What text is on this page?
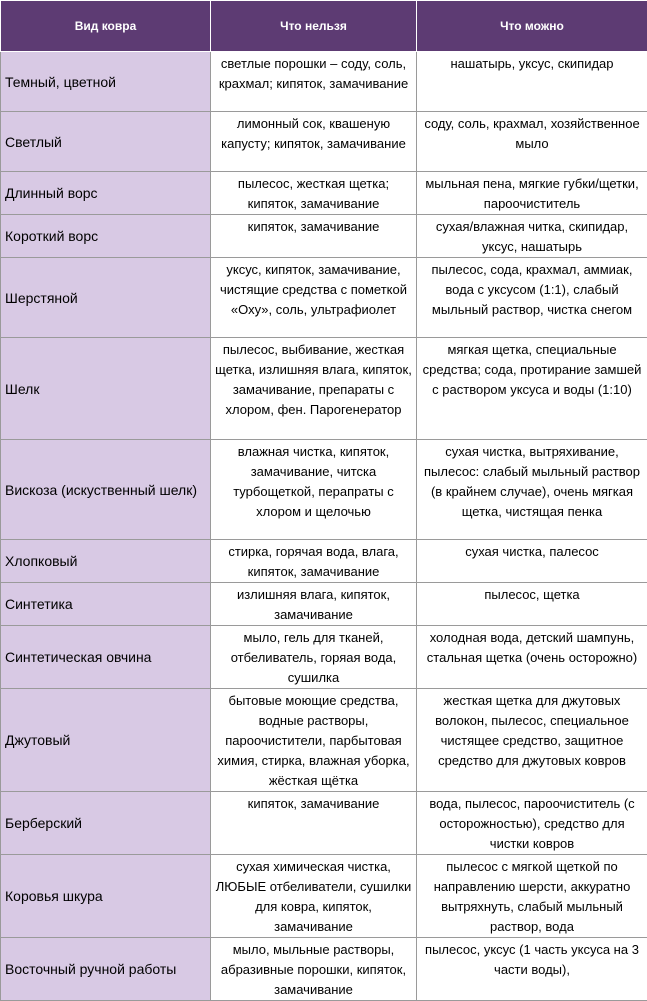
Вид ковра	Что нельзя	Что можно
Темный, цветной	светлые порошки – соду, соль, крахмал; кипяток, замачивание	нашатырь, уксус, скипидар
Светлый	лимонный сок, квашеную капусту; кипяток, замачивание	соду, соль, крахмал, хозяйственное мыло
Длинный ворс	пылесос, жесткая щетка; кипяток, замачивание	мыльная пена, мягкие губки/щетки, пароочиститель
Короткий ворс	кипяток, замачивание	сухая/влажная читка, скипидар, уксус, нашатырь
Шерстяной	уксус, кипяток, замачивание, чистящие средства с пометкой «Оху», соль, ультрафиолет	пылесос, сода, крахмал, аммиак, вода с уксусом (1:1), слабый мыльный раствор, чистка снегом
Шелк	пылесос, выбивание, жесткая щетка, излишняя влага, кипяток, замачивание, препараты с хлором, фен. Парогенератор	мягкая щетка, специальные средства; сода, протирание замшей с раствором уксуса и воды (1:10)
Вискоза (искуственный шелк)	влажная чистка, кипяток, замачивание, читска турбощеткой, перапраты с хлором и щелочью	сухая чистка, вытряхивание, пылесос: слабый мыльный раствор (в крайнем случае), очень мягкая щетка, чистящая пенка
Хлопковый	стирка, горячая вода, влага, кипяток, замачивание	сухая чистка, палесос
Синтетика	излишняя влага, кипяток, замачивание	пылесос, щетка
Синтетическая овчина	мыло, гель для тканей, отбеливатель, горяая вода, сушилка	холодная вода, детский шампунь, стальная щетка (очень осторожно)
Джутовый	бытовые моющие средства, водные растворы, пароочистители, парбытовая химия, стирка, влажная уборка, жёсткая щётка	жесткая щетка для джутовых волокон, пылесос, специальное чистящее средство, защитное средство для джутовых ковров
Берберский	кипяток, замачивание	вода, пылесос, пароочиститель (с осторожностью), средство для чистки ковров
Коровья шкура	сухая химическая чистка, ЛЮБЫЕ отбеливатели, сушилки для ковра, кипяток, замачивание	пылесос с мягкой щеткой по направлению шерсти, аккуратно вытряхнуть, слабый мыльный раствор, вода
Восточный ручной работы	мыло, мыльные растворы, абразивные порошки, кипяток, замачивание	пылесос, уксус (1 часть уксуса на 3 части воды),
